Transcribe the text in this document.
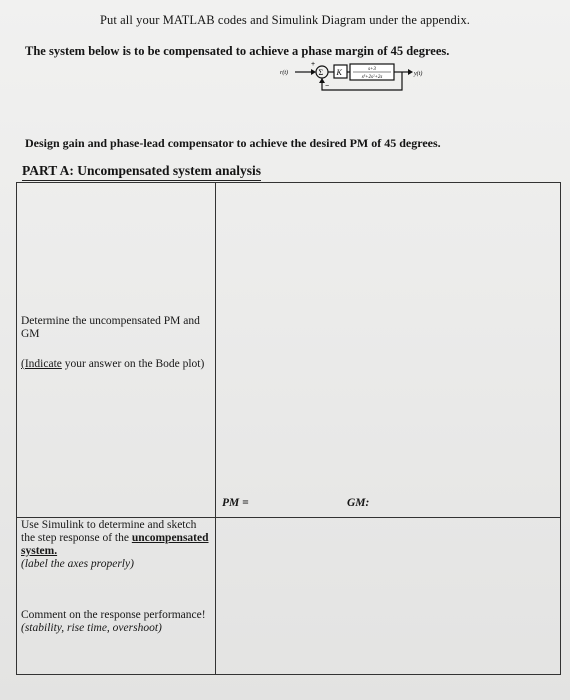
Put all your MATLAB codes and Simulink Diagram under the appendix.
The system below is to be compensated to achieve a phase margin of 45 degrees.
r(t)
+
Σ K	s+3
s³+2s²+2s
y(t)
−
Design gain and phase-lead compensator to achieve the desired PM of 45 degrees.
PART A: Uncompensated system analysis
Determine the uncompensated PM and GM
(Indicate your answer on the Bode plot)
PM =	GM:
Use Simulink to determine and sketch the step response of the uncompensated system.
(label the axes properly)
Comment on the response performance!
(stability, rise time, overshoot)
